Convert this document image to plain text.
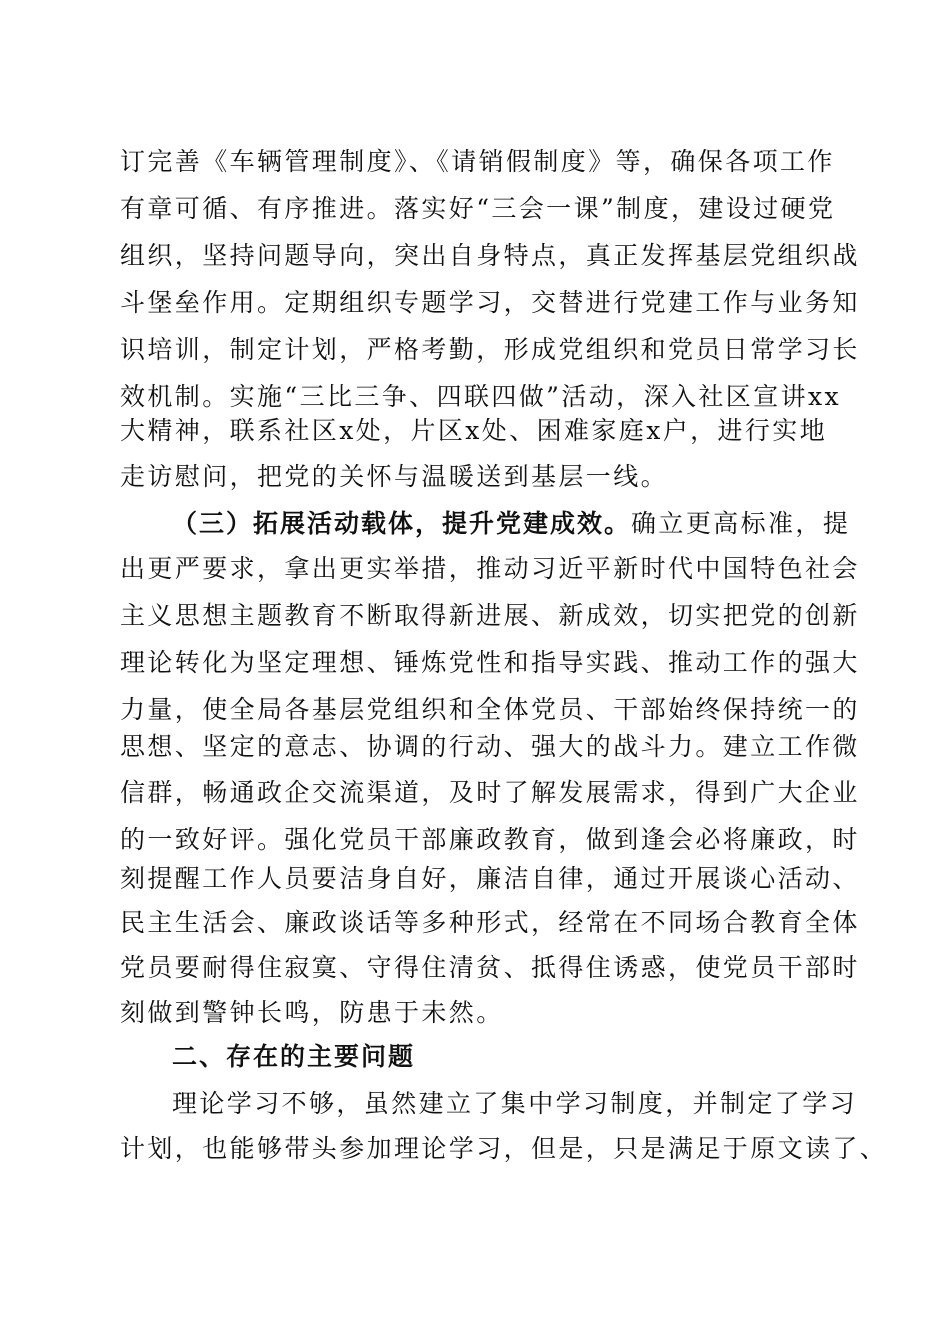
订完善《车辆管理制度》、《请销假制度》等，确保各项工作
有章可循、有序推进。落实好“三会一课”制度，建设过硬党
组织，坚持问题导向，突出自身特点，真正发挥基层党组织战
斗堡垒作用。定期组织专题学习，交替进行党建工作与业务知
识培训，制定计划，严格考勤，形成党组织和党员日常学习长
效机制。实施“三比三争、四联四做”活动，深入社区宣讲xx
大精神，联系社区x处，片区x处、困难家庭x户，进行实地
走访慰问，把党的关怀与温暖送到基层一线。
（三）拓展活动载体，提升党建成效。确立更高标准，提
出更严要求，拿出更实举措，推动习近平新时代中国特色社会
主义思想主题教育不断取得新进展、新成效，切实把党的创新
理论转化为坚定理想、锤炼党性和指导实践、推动工作的强大
力量，使全局各基层党组织和全体党员、干部始终保持统一的
思想、坚定的意志、协调的行动、强大的战斗力。建立工作微
信群，畅通政企交流渠道，及时了解发展需求，得到广大企业
的一致好评。强化党员干部廉政教育，做到逢会必将廉政，时
刻提醒工作人员要洁身自好，廉洁自律，通过开展谈心活动、
民主生活会、廉政谈话等多种形式，经常在不同场合教育全体
党员要耐得住寂寞、守得住清贫、抵得住诱惑，使党员干部时
刻做到警钟长鸣，防患于未然。
二、存在的主要问题
理论学习不够，虽然建立了集中学习制度，并制定了学习
计划，也能够带头参加理论学习，但是，只是满足于原文读了、
